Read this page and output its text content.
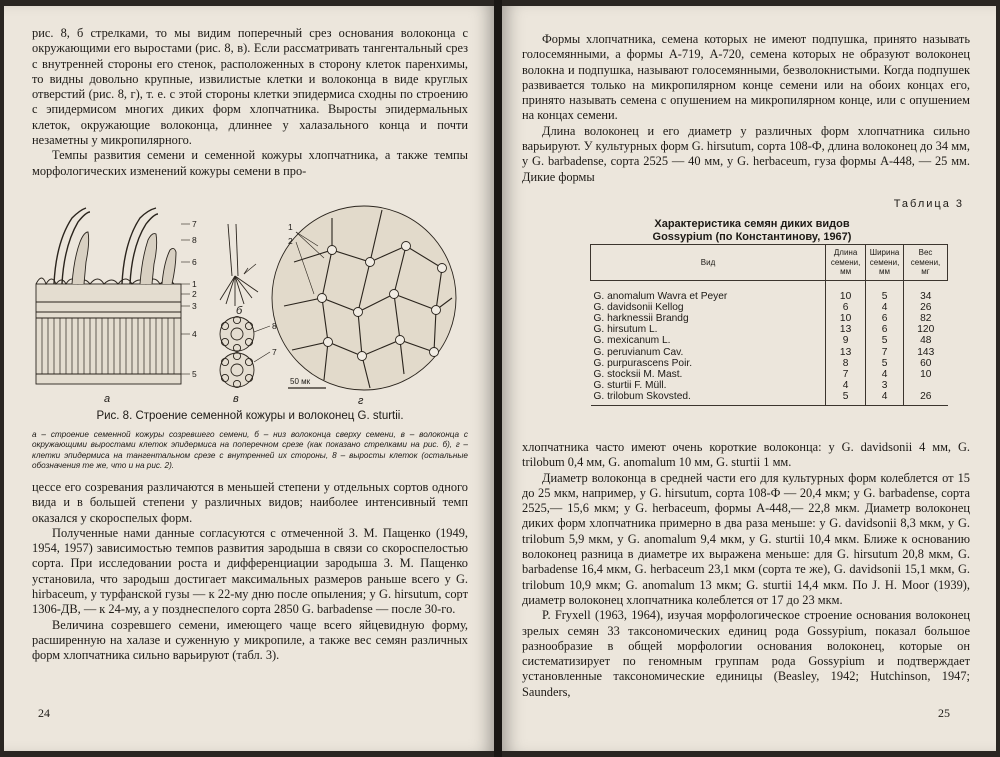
рис. 8, б стрелками, то мы видим поперечный срез основания волоконца с окружающими его выростами (рис. 8, в). Если рассматривать тангентальный срез с внутренней стороны его стенок, расположенных в сторону клеток паренхимы, то видны довольно крупные, извилистые клетки и волоконца в виде круглых отверстий (рис. 8, г), т. е. с этой стороны клетки эпидермиса сходны по строению с эпидермисом многих диких форм хлопчатника. Выросты эпидермальных клеток, окружающие волоконца, длиннее у халазального конца и почти незаметны у микропилярного.

Темпы развития семени и семенной кожуры хлопчатника, а также темпы морфологических изменений кожуры семени в про-

7
8
6
1
2
3
4
5
а
б
8
7
в
1
2
50 мк
г
Рис. 8. Строение семенной кожуры и волоконец G. sturtii.
а – строение семенной кожуры созревшего семени, б – низ волоконца сверху семени, в – волоконца с окружающими выростами клеток эпидермиса на поперечном срезе (как показано стрелками на рис. б), г – клетки эпидермиса на тангентальном срезе с внутренней их стороны, 8 – выросты клеток (остальные обозначения те же, что и на рис. 2).

цессе его созревания различаются в меньшей степени у отдельных сортов одного вида и в большей степени у различных видов; наиболее интенсивный темп оказался у скороспелых форм.

Полученные нами данные согласуются с отмеченной З. М. Пащенко (1949, 1954, 1957) зависимостью темпов развития зародыша в связи со скороспелостью сорта. При исследовании роста и дифференциации зародыша З. М. Пащенко установила, что зародыш достигает максимальных размеров раньше всего у G. hirbaceum, у турфанской гузы — к 22-му дню после опыления; у G. hirsutum, сорт 1306-ДВ, — к 24-му, а у позднеспелого сорта 2850 G. barbadense — после 30-го.

Величина созревшего семени, имеющего чаще всего яйцевидную форму, расширенную на халазе и суженную у микропиле, а также вес семян различных форм хлопчатника сильно варьируют (табл. 3).

24

Формы хлопчатника, семена которых не имеют подпушка, принято называть голосемянными, а формы А-719, А-720, семена которых не образуют волоконец волокна и подпушка, называют голосемянными, безволокнистыми. Когда подпушек развивается только на микропилярном конце семени или на обоих концах его, принято называть семена с опушением на микропилярном конце, или с опушением на концах семени.

Длина волоконец и его диаметр у различных форм хлопчатника сильно варьируют. У культурных форм G. hirsutum, сорта 108-Ф, длина волоконец до 34 мм, у G. barbadense, сорта 2525 — 40 мм, у G. herbaceum, гуза формы А-448, — 25 мм. Дикие формы

Таблица 3
Характеристика семян диких видов
Gossypium (по Константинову, 1967)
Вид	Длина семени, мм	Ширина семени, мм	Вес семени, мг
G. anomalum Wavra et Peyer	10	5	34
G. davidsonii Kellog	6	4	26
G. harknessii Brandg	10	6	82
G. hirsutum L.	13	6	120
G. mexicanum L.	9	5	48
G. peruvianum Cav.	13	7	143
G. purpurascens Poir.	8	5	60
G. stocksii M. Mast.	7	4	10
G. sturtii F. Müll.	4	3	
G. trilobum Skovsted.	5	4	26

хлопчатника часто имеют очень короткие волоконца: у G. davidsonii 4 мм, G. trilobum 0,4 мм, G. anomalum 10 мм, G. sturtii 1 мм.

Диаметр волоконца в средней части его для культурных форм колеблется от 15 до 25 мкм, например, у G. hirsutum, сорта 108-Ф — 20,4 мкм; у G. barbadense, сорта 2525,— 15,6 мкм; у G. herbaceum, формы А-448,— 22,8 мкм. Диаметр волоконец диких форм хлопчатника примерно в два раза меньше: у G. davidsonii 8,3 мкм, у G. trilobum 5,9 мкм, у G. anomalum 9,4 мкм, у G. sturtii 10,4 мкм. Ближе к основанию волоконец разница в диаметре их выражена меньше: для G. hirsutum 20,8 мкм, G. barbadense 16,4 мкм, G. herbaceum 23,1 мкм (сорта те же), G. davidsonii 15,1 мкм, G. trilobum 10,9 мкм; G. anomalum 13 мкм; G. sturtii 14,4 мкм. По J. H. Moor (1939), диаметр волоконец хлопчатника колеблется от 17 до 23 мкм.

P. Fryxell (1963, 1964), изучая морфологическое строение основания волоконец зрелых семян 33 таксономических единиц рода Gossypium, показал большое разнообразие в общей морфологии основания волоконец, которые он систематизирует по геномным группам рода Gossypium и подтверждает установленные таксономические единицы (Beasley, 1942; Hutchinson, 1947; Saunders,

25
